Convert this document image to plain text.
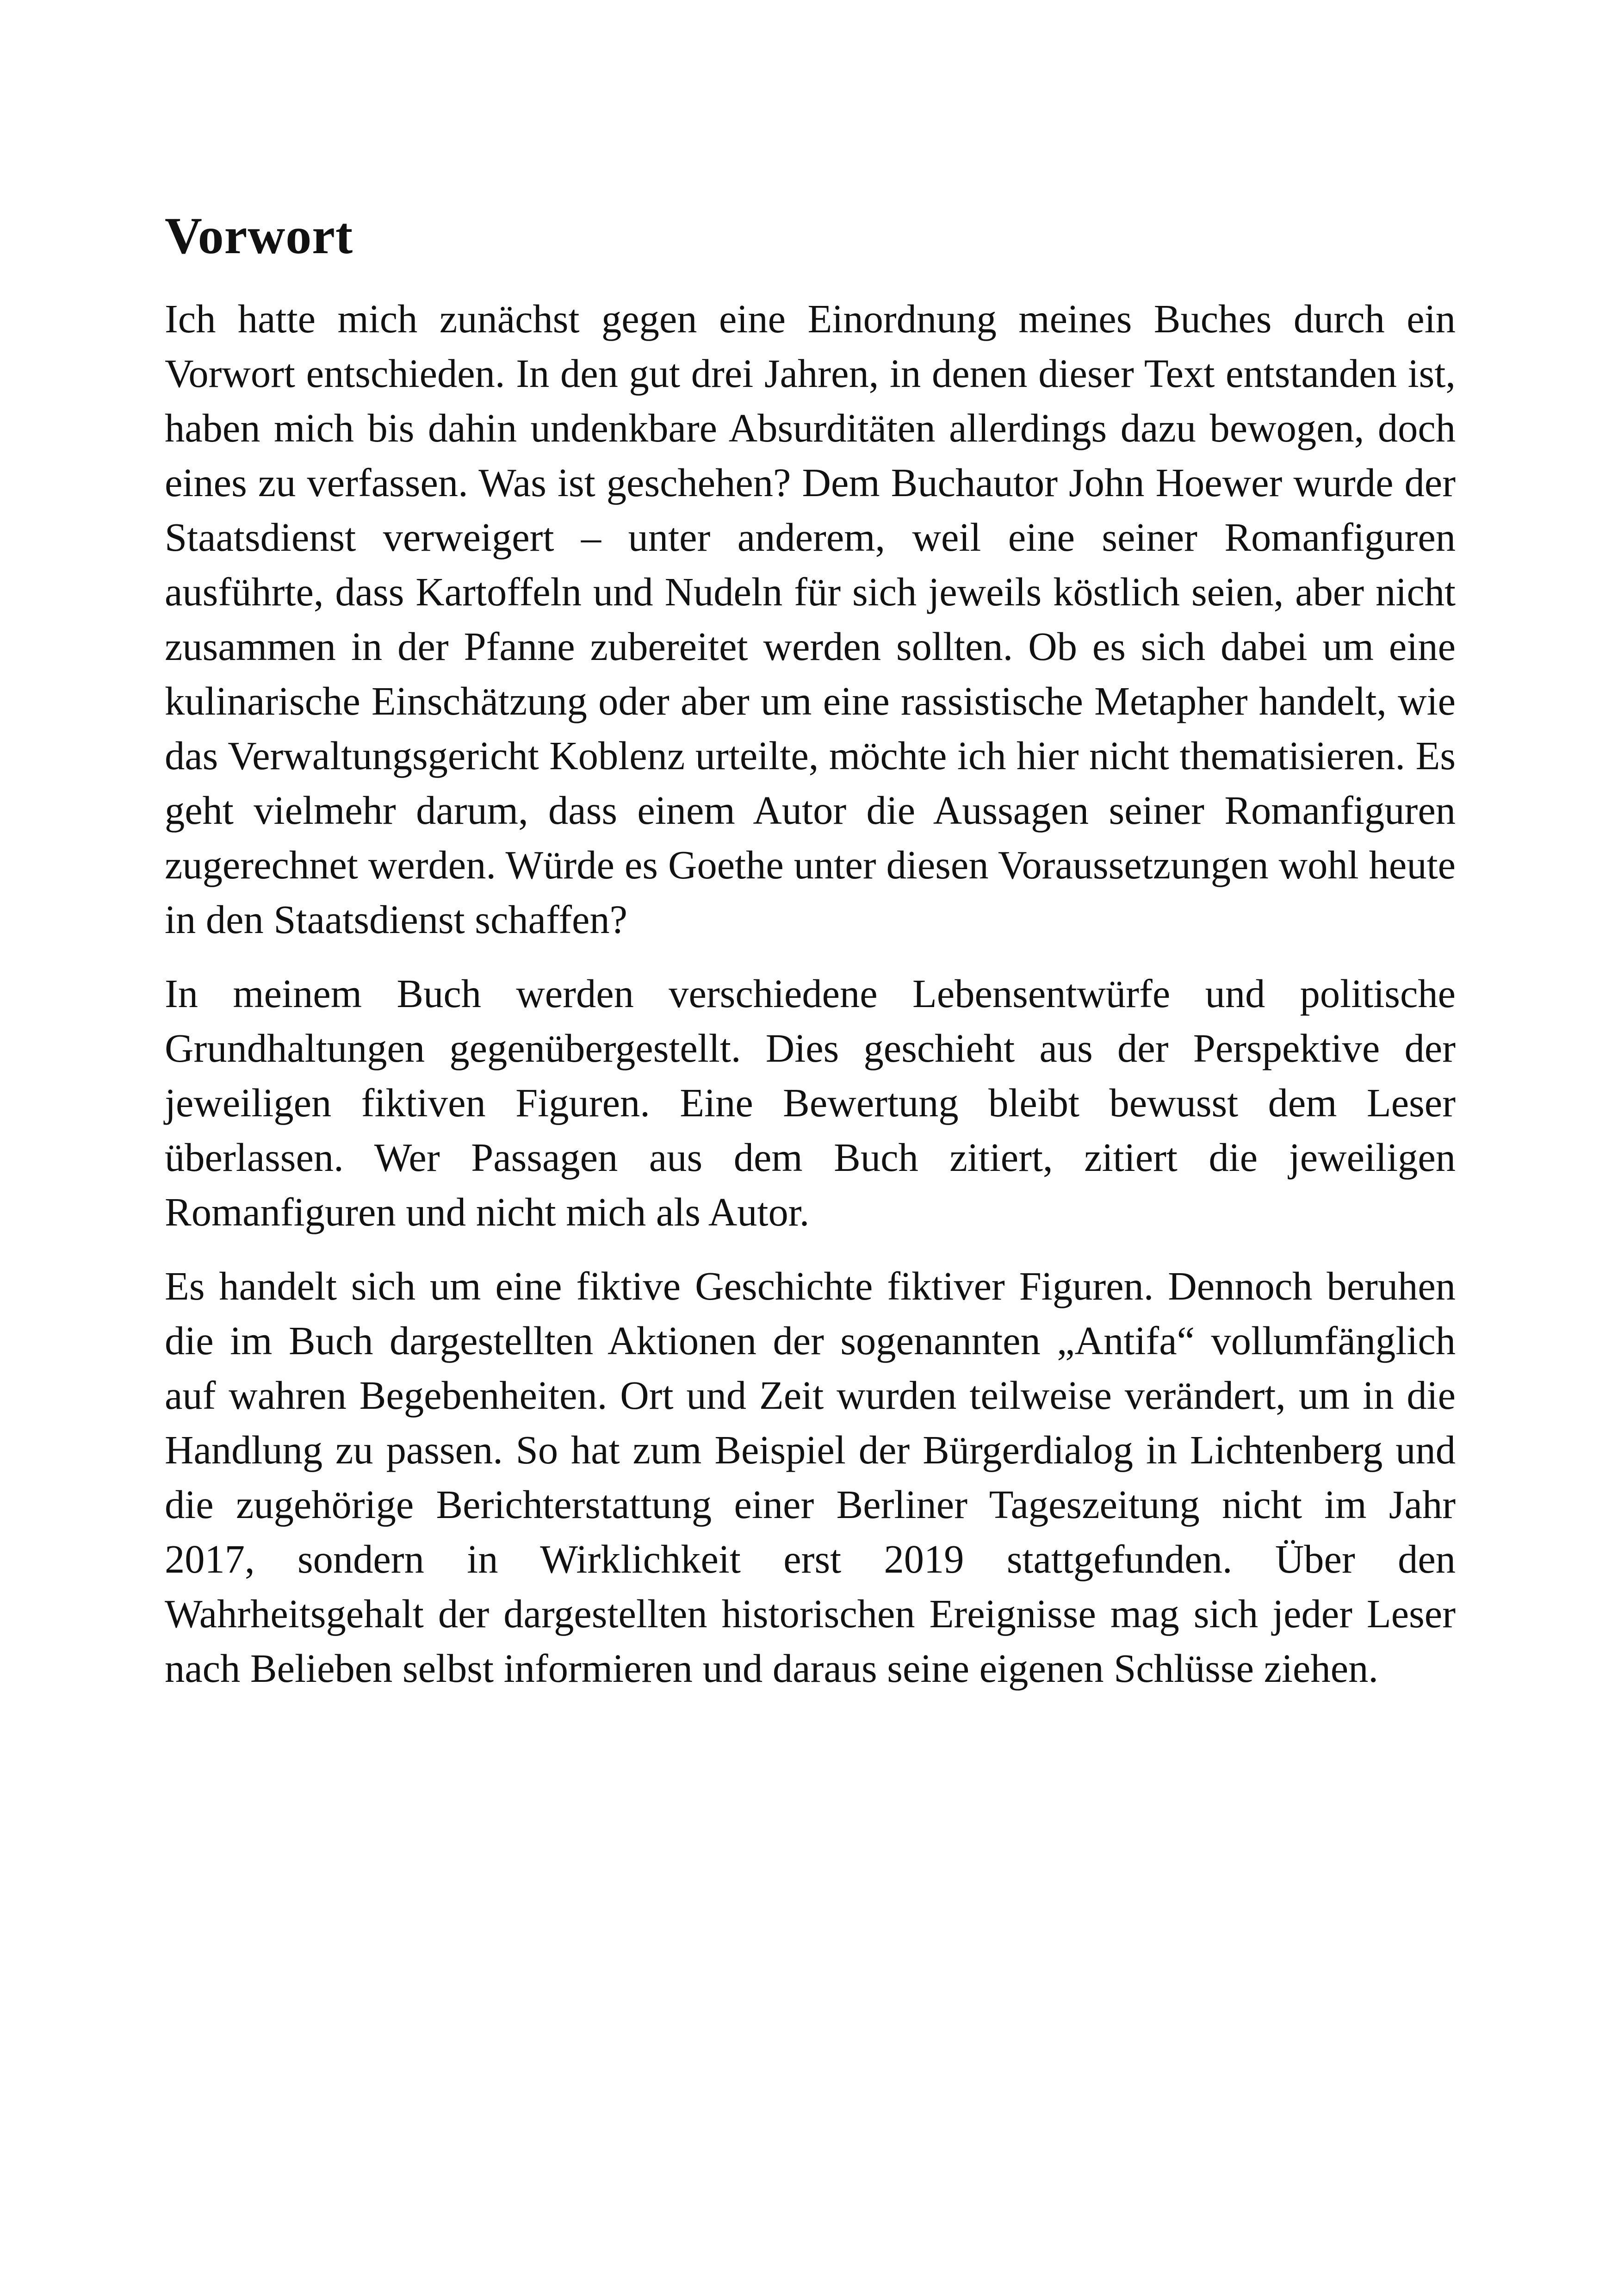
Vorwort

Ich hatte mich zunächst gegen eine Einordnung meines Buches durch ein Vorwort entschieden. In den gut drei Jahren, in denen dieser Text entstanden ist, haben mich bis dahin undenkbare Absurditäten allerdings dazu bewogen, doch eines zu verfassen. Was ist geschehen? Dem Buchautor John Hoewer wurde der Staatsdienst verweigert – unter anderem, weil eine seiner Romanfiguren ausführte, dass Kartoffeln und Nudeln für sich jeweils köstlich seien, aber nicht zusammen in der Pfanne zubereitet werden sollten. Ob es sich dabei um eine kulinarische Einschätzung oder aber um eine rassistische Metapher handelt, wie das Verwaltungsgericht Koblenz urteilte, möchte ich hier nicht thematisieren. Es geht vielmehr darum, dass einem Autor die Aussagen seiner Romanfiguren zugerechnet werden. Würde es Goethe unter diesen Voraussetzungen wohl heute in den Staatsdienst schaffen?

In meinem Buch werden verschiedene Lebensentwürfe und politische Grundhaltungen gegenübergestellt. Dies geschieht aus der Perspektive der jeweiligen fiktiven Figuren. Eine Bewertung bleibt bewusst dem Leser überlassen. Wer Passagen aus dem Buch zitiert, zitiert die jeweiligen Romanfiguren und nicht mich als Autor.

Es handelt sich um eine fiktive Geschichte fiktiver Figuren. Dennoch beruhen die im Buch dargestellten Aktionen der sogenannten „Antifa“ vollumfänglich auf wahren Begebenheiten. Ort und Zeit wurden teilweise verändert, um in die Handlung zu passen. So hat zum Beispiel der Bürgerdialog in Lichtenberg und die zugehörige Berichterstattung einer Berliner Tageszeitung nicht im Jahr 2017, sondern in Wirklichkeit erst 2019 stattgefunden. Über den Wahrheitsgehalt der dargestellten historischen Ereignisse mag sich jeder Leser nach Belieben selbst informieren und daraus seine eigenen Schlüsse ziehen.
